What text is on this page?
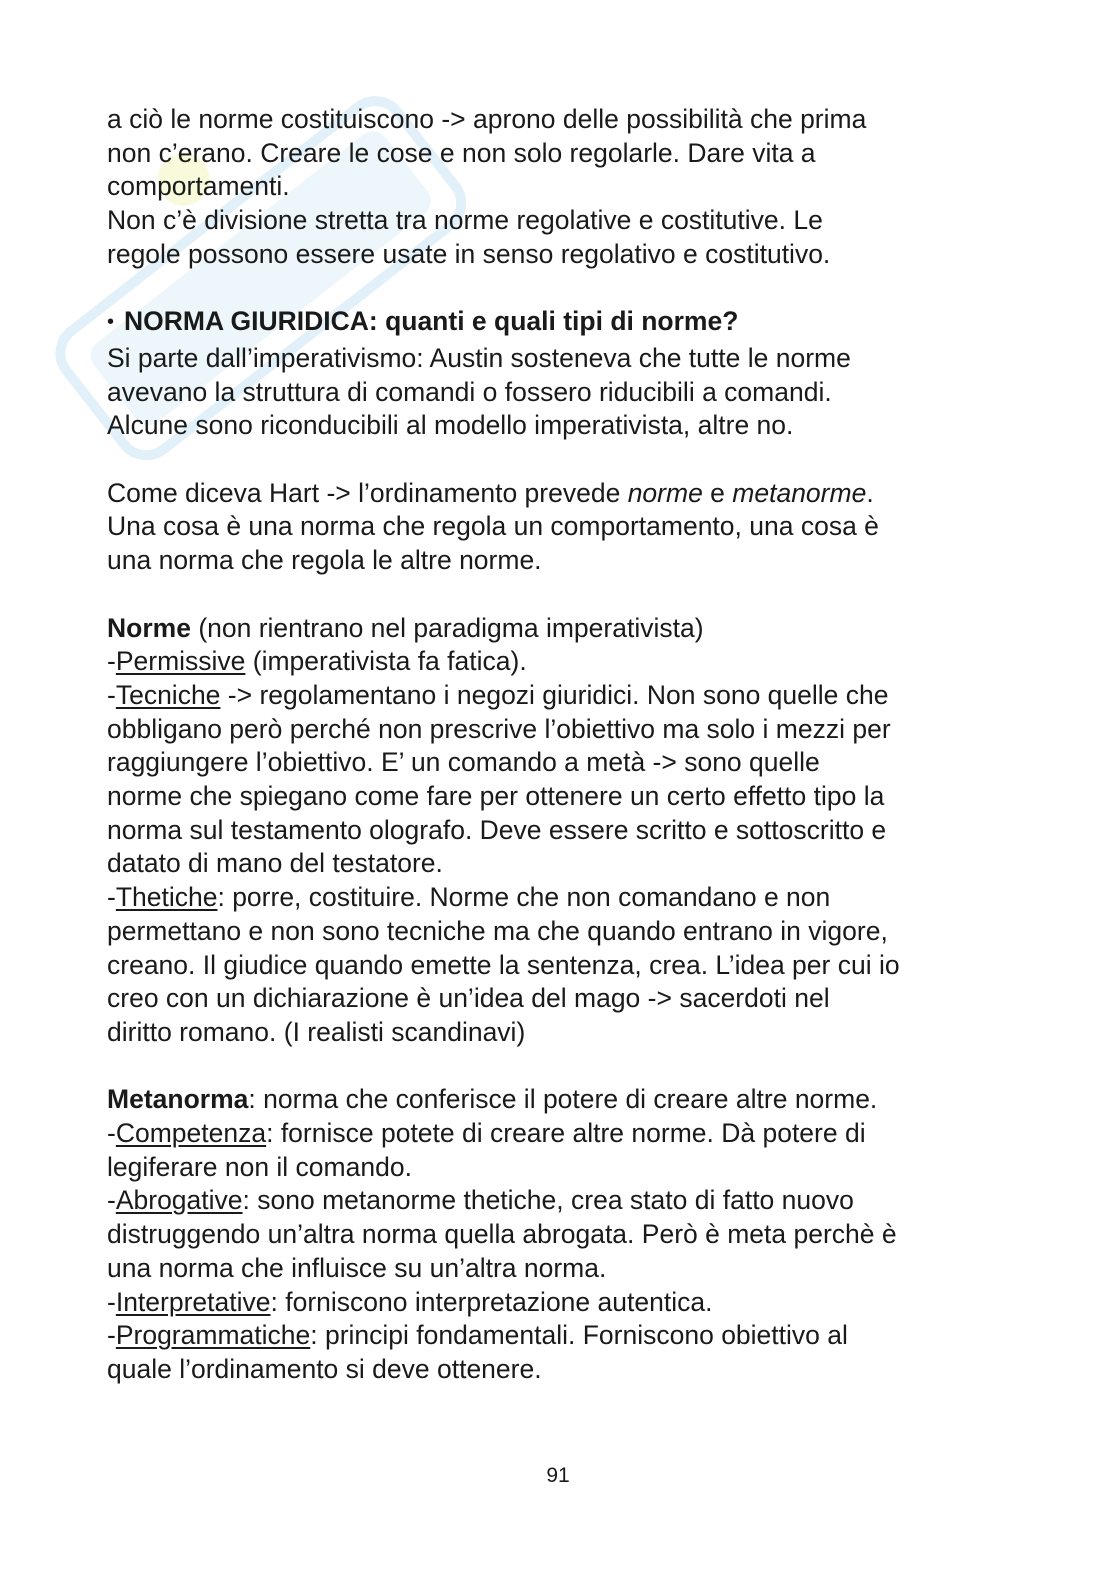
a ciò le norme costituiscono -> aprono delle possibilità che prima

non c’erano. Creare le cose e non solo regolarle. Dare vita a

comportamenti.

Non c’è divisione stretta tra norme regolative e costitutive. Le

regole possono essere usate in senso regolativo e costitutivo.

• NORMA GIURIDICA: quanti e quali tipi di norme?

Si parte dall’imperativismo: Austin sosteneva che tutte le norme

avevano la struttura di comandi o fossero riducibili a comandi.

Alcune sono riconducibili al modello imperativista, altre no.

Come diceva Hart -> l’ordinamento prevede norme e metanorme.

Una cosa è una norma che regola un comportamento, una cosa è

una norma che regola le altre norme.

Norme (non rientrano nel paradigma imperativista)

-Permissive (imperativista fa fatica).

-Tecniche -> regolamentano i negozi giuridici. Non sono quelle che

obbligano però perché non prescrive l’obiettivo ma solo i mezzi per

raggiungere l’obiettivo. E’ un comando a metà -> sono quelle

norme che spiegano come fare per ottenere un certo effetto tipo la

norma sul testamento olografo. Deve essere scritto e sottoscritto e

datato di mano del testatore.

-Thetiche: porre, costituire. Norme che non comandano e non

permettano e non sono tecniche ma che quando entrano in vigore,

creano. Il giudice quando emette la sentenza, crea. L’idea per cui io

creo con un dichiarazione è un’idea del mago -> sacerdoti nel

diritto romano. (I realisti scandinavi)

Metanorma: norma che conferisce il potere di creare altre norme.

-Competenza: fornisce potete di creare altre norme. Dà potere di

legiferare non il comando.

-Abrogative: sono metanorme thetiche, crea stato di fatto nuovo

distruggendo un’altra norma quella abrogata. Però è meta perchè è

una norma che influisce su un’altra norma.

-Interpretative: forniscono interpretazione autentica.

-Programmatiche: principi fondamentali. Forniscono obiettivo al

quale l’ordinamento si deve ottenere.

91
